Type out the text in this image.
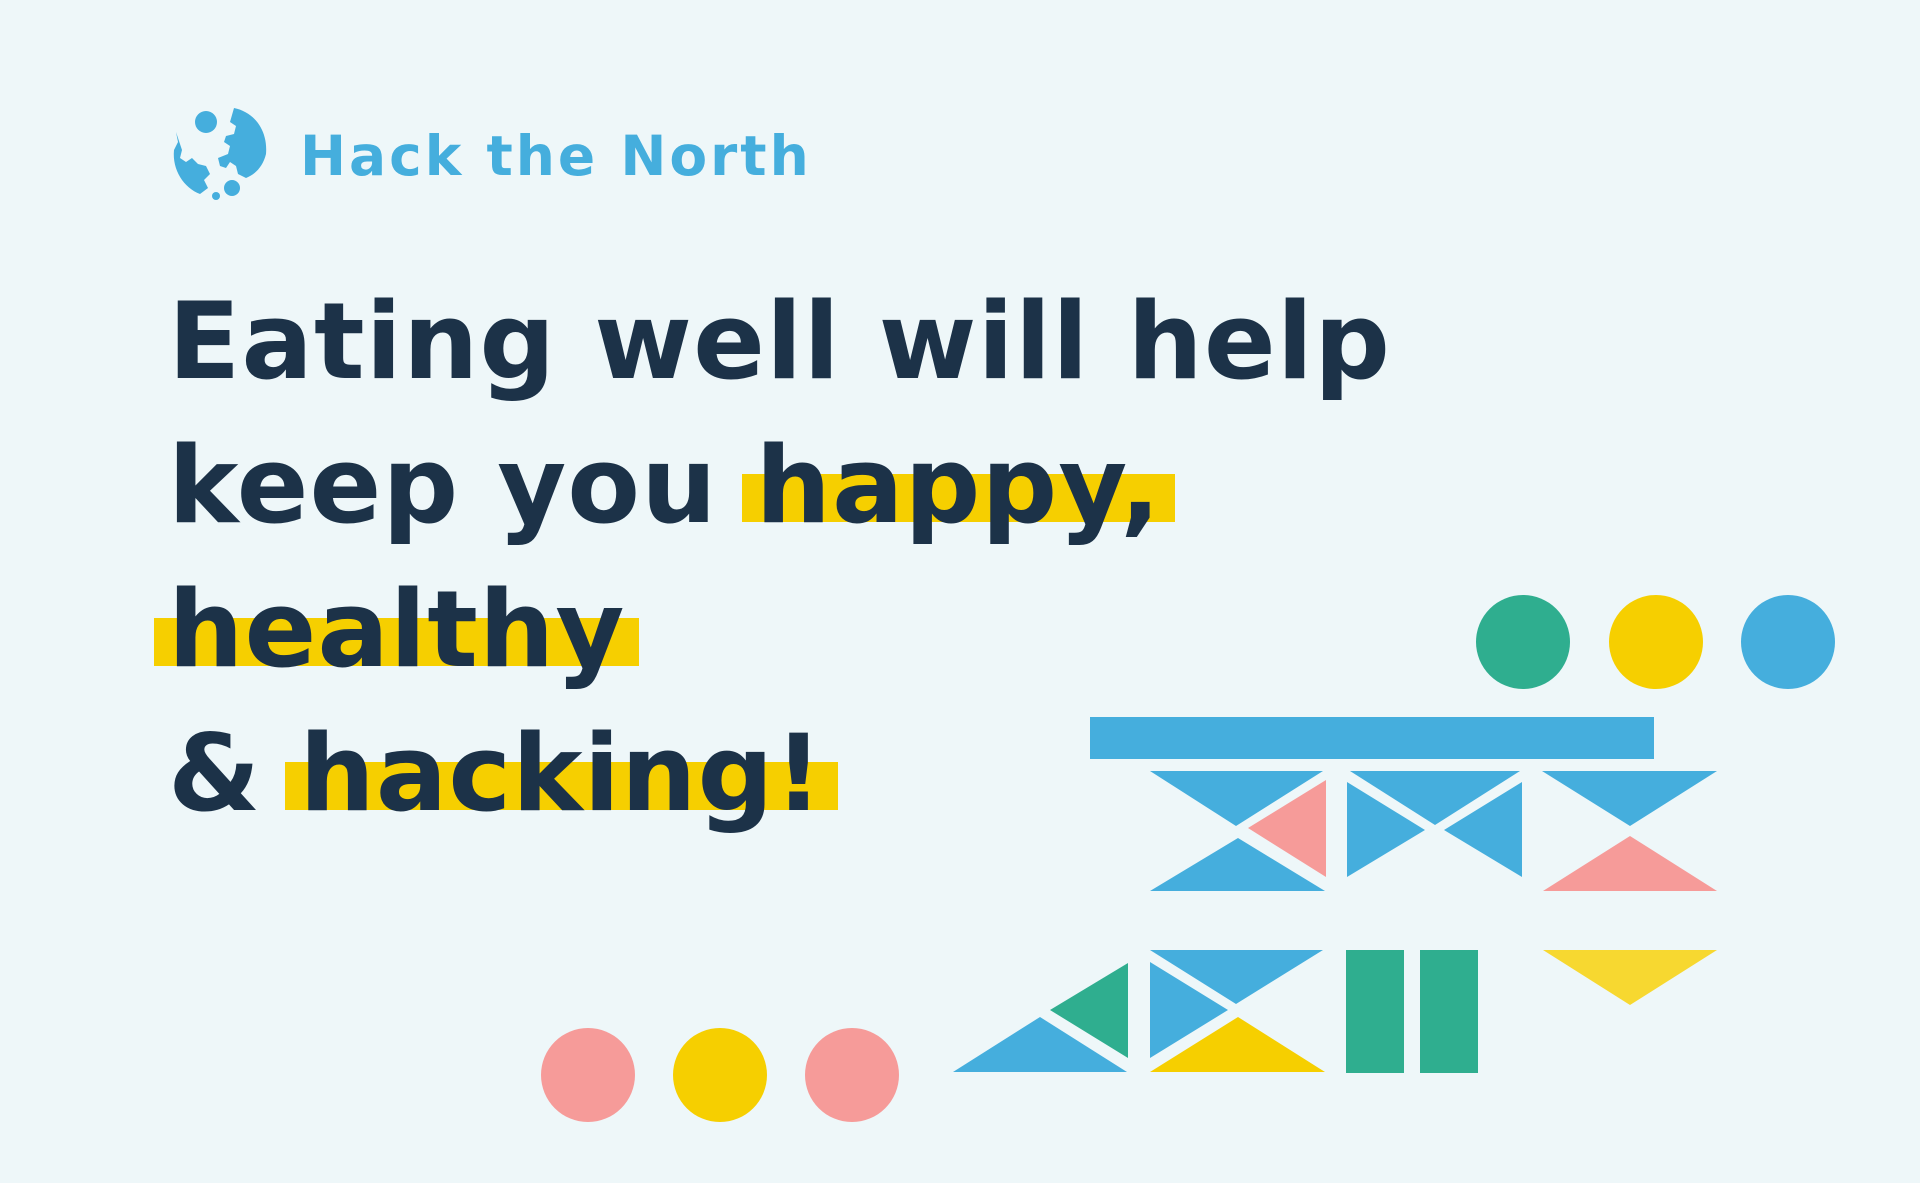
Hack the North
Eating well will help
keep you happy,
healthy
& hacking!
